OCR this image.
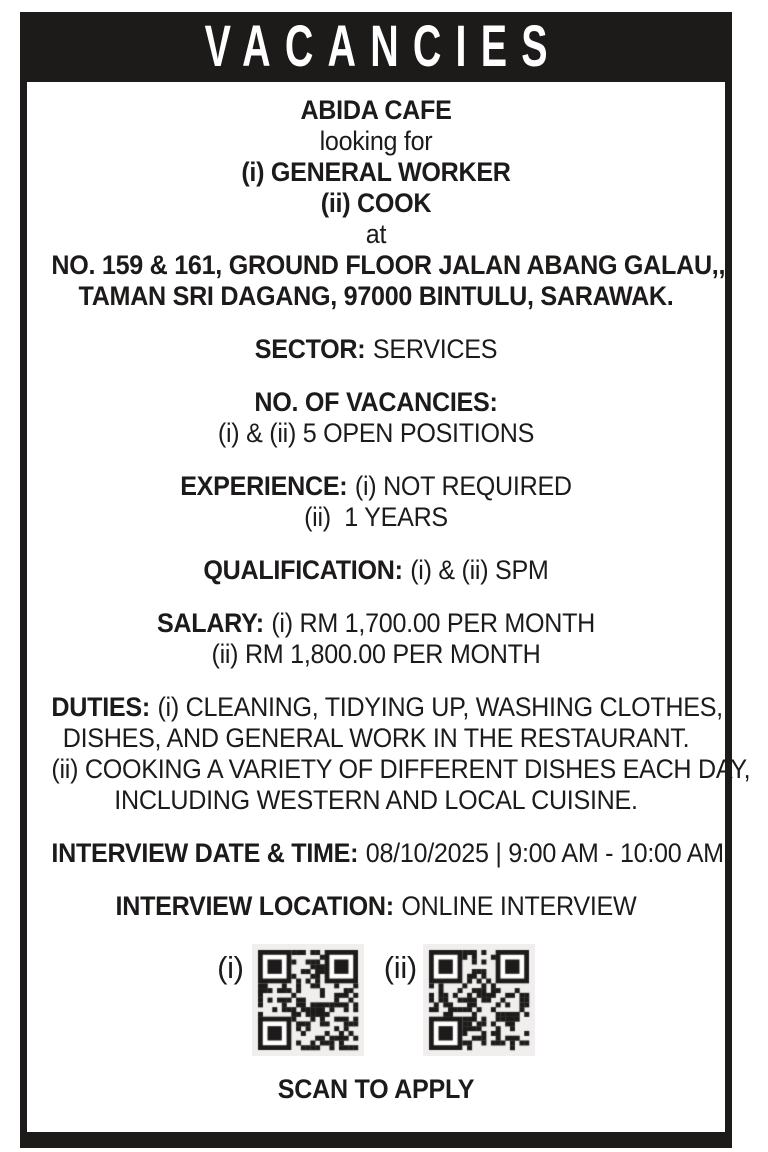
VACANCIES
ABIDA CAFE
looking for
(i) GENERAL WORKER
(ii) COOK
at
NO. 159 & 161, GROUND FLOOR JALAN ABANG GALAU,,
TAMAN SRI DAGANG, 97000 BINTULU, SARAWAK.
SECTOR: SERVICES
NO. OF VACANCIES:
(i) & (ii) 5 OPEN POSITIONS
EXPERIENCE: (i) NOT REQUIRED
(ii)  1 YEARS
QUALIFICATION: (i) & (ii) SPM
SALARY: (i) RM 1,700.00 PER MONTH
(ii) RM 1,800.00 PER MONTH
DUTIES: (i) CLEANING, TIDYING UP, WASHING CLOTHES,
DISHES, AND GENERAL WORK IN THE RESTAURANT.
(ii) COOKING A VARIETY OF DIFFERENT DISHES EACH DAY,
INCLUDING WESTERN AND LOCAL CUISINE.
INTERVIEW DATE & TIME: 08/10/2025 | 9:00 AM - 10:00 AM
INTERVIEW LOCATION: ONLINE INTERVIEW
(i)	(ii)
SCAN TO APPLY
